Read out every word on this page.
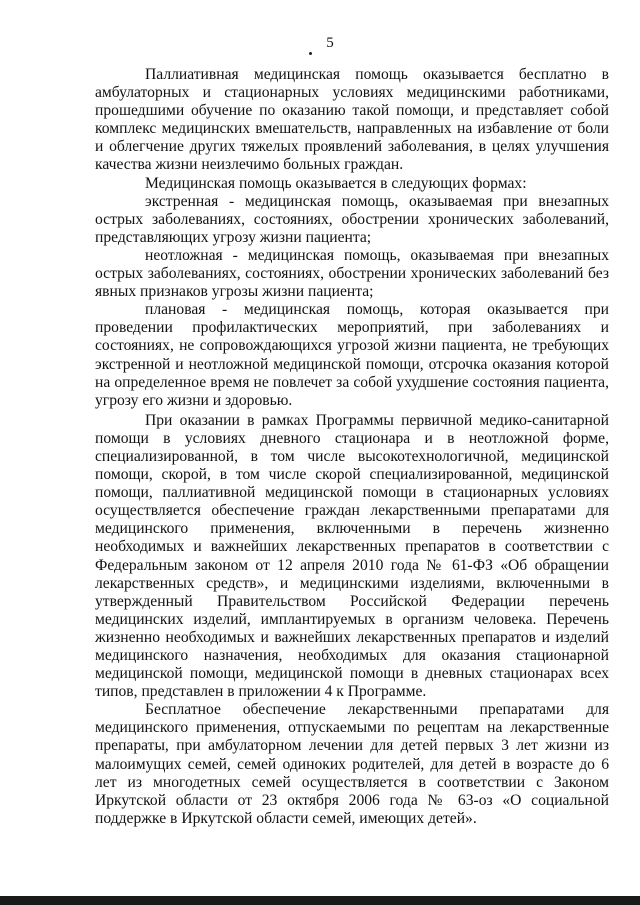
5

Паллиативная медицинская помощь оказывается бесплатно в амбулаторных и стационарных условиях медицинскими работниками, прошедшими обучение по оказанию такой помощи, и представляет собой комплекс медицинских вмешательств, направленных на избавление от боли и облегчение других тяжелых проявлений заболевания, в целях улучшения качества жизни неизлечимо больных граждан.

Медицинская помощь оказывается в следующих формах:

экстренная - медицинская помощь, оказываемая при внезапных острых заболеваниях, состояниях, обострении хронических заболеваний, представляющих угрозу жизни пациента;

неотложная - медицинская помощь, оказываемая при внезапных острых заболеваниях, состояниях, обострении хронических заболеваний без явных признаков угрозы жизни пациента;

плановая - медицинская помощь, которая оказывается при проведении профилактических мероприятий, при заболеваниях и состояниях, не сопровождающихся угрозой жизни пациента, не требующих экстренной и неотложной медицинской помощи, отсрочка оказания которой на определенное время не повлечет за собой ухудшение состояния пациента, угрозу его жизни и здоровью.

При оказании в рамках Программы первичной медико-санитарной помощи в условиях дневного стационара и в неотложной форме, специализированной, в том числе высокотехнологичной, медицинской помощи, скорой, в том числе скорой специализированной, медицинской помощи, паллиативной медицинской помощи в стационарных условиях осуществляется обеспечение граждан лекарственными препаратами для медицинского применения, включенными в перечень жизненно необходимых и важнейших лекарственных препаратов в соответствии с Федеральным законом от 12 апреля 2010 года № 61-ФЗ «Об обращении лекарственных средств», и медицинскими изделиями, включенными в утвержденный Правительством Российской Федерации перечень медицинских изделий, имплантируемых в организм человека. Перечень жизненно необходимых и важнейших лекарственных препаратов и изделий медицинского назначения, необходимых для оказания стационарной медицинской помощи, медицинской помощи в дневных стационарах всех типов, представлен в приложении 4 к Программе.

Бесплатное обеспечение лекарственными препаратами для медицинского применения, отпускаемыми по рецептам на лекарственные препараты, при амбулаторном лечении для детей первых 3 лет жизни из малоимущих семей, семей одиноких родителей, для детей в возрасте до 6 лет из многодетных семей осуществляется в соответствии с Законом Иркутской области от 23 октября 2006 года № 63-оз «О социальной поддержке в Иркутской области семей, имеющих детей».
